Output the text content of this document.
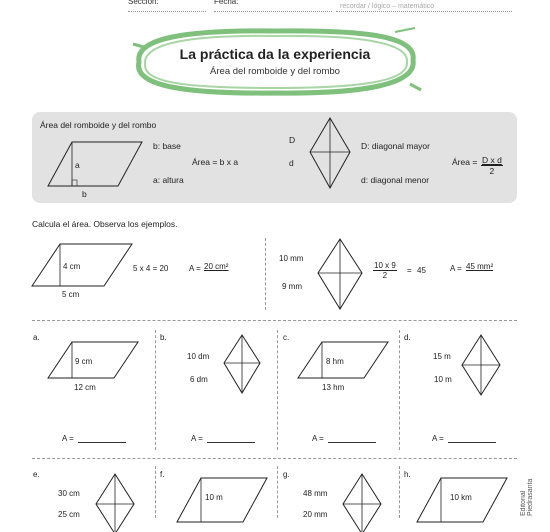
Sección:	Fecha:
recordar / lógico – matemático
La práctica da la experiencia
Área del romboide y del rombo
Área del romboide y del rombo
a
b
b: base
a: altura
Área = b x a
D
d
D: diagonal mayor
d: diagonal menor
Área = $\frac{\text{D x d}}{2}$
Calcula el área. Observa los ejemplos.
4 cm
5 cm
5 x 4 = 20	A = 20 cm²
10 mm
9 mm
$\frac{10 x 9}{2} = 45$	A = 45 mm²
a.
9 cm
12 cm
A =
b.
10 dm
6 dm
A =
c.
8 hm
13 hm
A =
d.
15 m
10 m
A =
e.
30 cm
25 cm
f.
10 m
g.
48 mm
20 mm
h.
10 km	Editorial Piedrasanta
